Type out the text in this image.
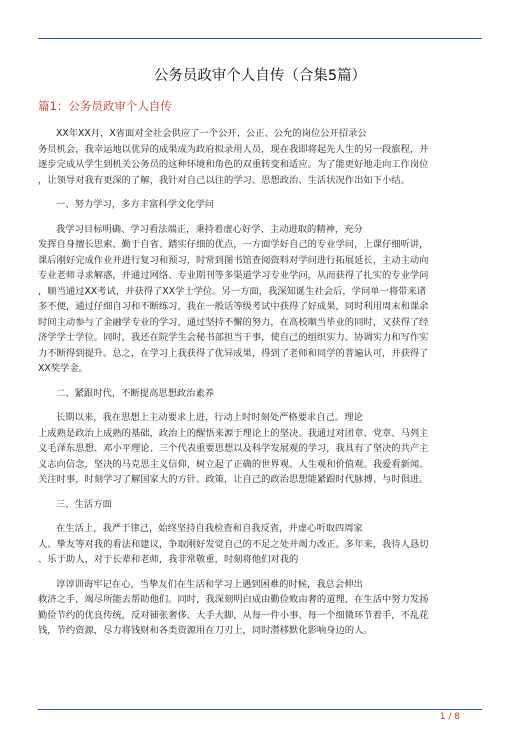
公务员政审个人自传（合集5篇）
篇1：公务员政审个人自传
XX年XX月，X省面对全社会供应了一个公开、公正、公允的岗位公开招录公
务员机会，我幸运地以优异的成果成为政府拟录用人员，现在我即将起先人生的另一段旅程，并
逐步完成从学生到机关公务员的这种环境和角色的双重转变和适应。为了能更好地走向工作岗位
，让领导对我有更深的了解，我针对自己以往的学习、思想政治、生活状况作出如下小结。
一、努力学习，多方丰富科学文化学问
我学习目标明确、学习看法端正，秉持着虚心好学、主动进取的精神，充分
发挥自身擅长思索、勤于自省、踏实仔细的优点，一方面学好自己的专业学问，上课仔细听讲，
课后刚好完成作业并进行复习和预习，时常到图书馆查阅资料对学问进行拓展延长，主动主动向
专业老师寻求解惑，并通过网络、专业期刊等多渠道学习专业学问，从而获得了扎实的专业学问
，顺当通过XX考试，并获得了XX学士学位。另一方面，我深知诞生社会后，学问单一将带来诸
多不便，通过仔细自习和不断练习，我在一般话等级考试中获得了好成果，同时利用周末和课余
时间主动参与了金融学专业的学习，通过坚持不懈的努力，在高校顺当毕业的同时，又获得了经
济学学士学位。同时，我还在院学生会秘书部担当干事，使自己的组织实力、协调实力和写作实
力不断得到提升。总之，在学习上我获得了优异成果，得到了老师和同学的普遍认可，并获得了
XX奖学金。
二、紧跟时代，不断提高思想政治素养
长期以来，我在思想上主动要求上进，行动上时时刻处严格要求自己。理论
上成熟是政治上成熟的基础，政治上的醒悟来源于理论上的坚决。我通过对团章、党章、马列主
义毛泽东思想、邓小平理论、三个代表重要思想以及科学发展观的学习，我具有了坚决的共产主
义志向信念，坚决的马克思主义信仰，树立起了正确的世界观、人生观和价值观。我爱看新闻、
关注时事，时刻学习了解国家大的方针、政策，让自己的政治思想能紧跟时代脉搏、与时俱进。
三、生活方面
在生活上，我严于律己，始终坚持自我检查和自我反省，并虚心听取四周家
人、挚友等对我的看法和建议，争取刚好发觉自己的不足之处并竭力改正。多年来，我待人恳切
、乐于助人，对于长辈和老师，我非常敬重，时刻将他们对我的
谆谆训诲牢记在心，当挚友们在生活和学习上遇到困难的时候，我总会伸出
救济之手，竭尽所能去帮助他们。同时，我深刻明白成由勤俭败由奢的道理，在生活中努力发扬
勤俭节约的优良传统，反对铺张奢侈、大手大脚，从每一件小事、每一个细微环节着手，不乱花
钱，节约资源，尽力将钱财和各类资源用在刀刃上，同时潜移默化影响身边的人。
1 / 8
